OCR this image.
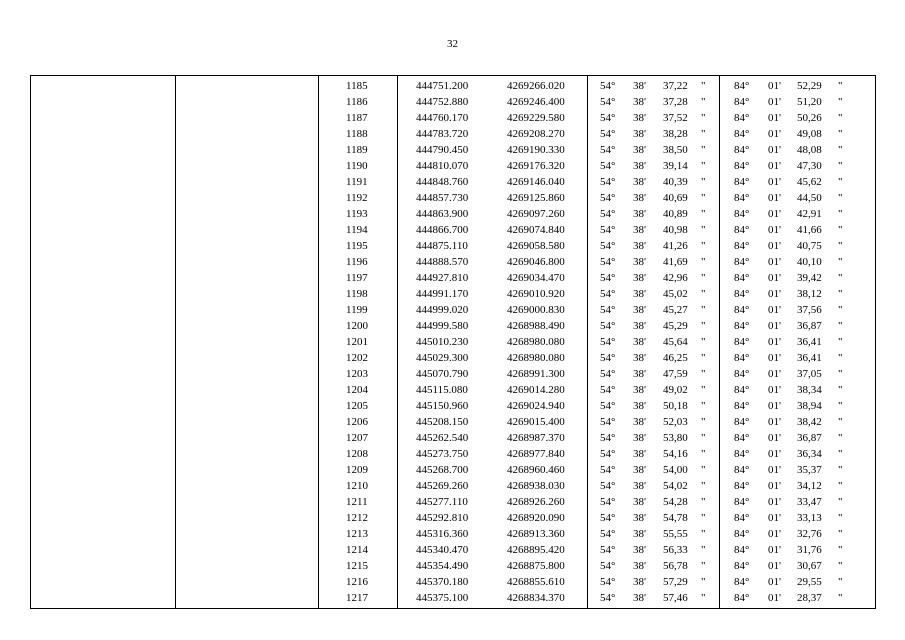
32
1185	444751.200	4269266.020	54° 38' 37,22 "	84° 01' 52,29 "
1186	444752.880	4269246.400	54° 38' 37,28 "	84° 01' 51,20 "
1187	444760.170	4269229.580	54° 38' 37,52 "	84° 01' 50,26 "
1188	444783.720	4269208.270	54° 38' 38,28 "	84° 01' 49,08 "
1189	444790.450	4269190.330	54° 38' 38,50 "	84° 01' 48,08 "
1190	444810.070	4269176.320	54° 38' 39,14 "	84° 01' 47,30 "
1191	444848.760	4269146.040	54° 38' 40,39 "	84° 01' 45,62 "
1192	444857.730	4269125.860	54° 38' 40,69 "	84° 01' 44,50 "
1193	444863.900	4269097.260	54° 38' 40,89 "	84° 01' 42,91 "
1194	444866.700	4269074.840	54° 38' 40,98 "	84° 01' 41,66 "
1195	444875.110	4269058.580	54° 38' 41,26 "	84° 01' 40,75 "
1196	444888.570	4269046.800	54° 38' 41,69 "	84° 01' 40,10 "
1197	444927.810	4269034.470	54° 38' 42,96 "	84° 01' 39,42 "
1198	444991.170	4269010.920	54° 38' 45,02 "	84° 01' 38,12 "
1199	444999.020	4269000.830	54° 38' 45,27 "	84° 01' 37,56 "
1200	444999.580	4268988.490	54° 38' 45,29 "	84° 01' 36,87 "
1201	445010.230	4268980.080	54° 38' 45,64 "	84° 01' 36,41 "
1202	445029.300	4268980.080	54° 38' 46,25 "	84° 01' 36,41 "
1203	445070.790	4268991.300	54° 38' 47,59 "	84° 01' 37,05 "
1204	445115.080	4269014.280	54° 38' 49,02 "	84° 01' 38,34 "
1205	445150.960	4269024.940	54° 38' 50,18 "	84° 01' 38,94 "
1206	445208.150	4269015.400	54° 38' 52,03 "	84° 01' 38,42 "
1207	445262.540	4268987.370	54° 38' 53,80 "	84° 01' 36,87 "
1208	445273.750	4268977.840	54° 38' 54,16 "	84° 01' 36,34 "
1209	445268.700	4268960.460	54° 38' 54,00 "	84° 01' 35,37 "
1210	445269.260	4268938.030	54° 38' 54,02 "	84° 01' 34,12 "
1211	445277.110	4268926.260	54° 38' 54,28 "	84° 01' 33,47 "
1212	445292.810	4268920.090	54° 38' 54,78 "	84° 01' 33,13 "
1213	445316.360	4268913.360	54° 38' 55,55 "	84° 01' 32,76 "
1214	445340.470	4268895.420	54° 38' 56,33 "	84° 01' 31,76 "
1215	445354.490	4268875.800	54° 38' 56,78 "	84° 01' 30,67 "
1216	445370.180	4268855.610	54° 38' 57,29 "	84° 01' 29,55 "
1217	445375.100	4268834.370	54° 38' 57,46 "	84° 01' 28,37 "
